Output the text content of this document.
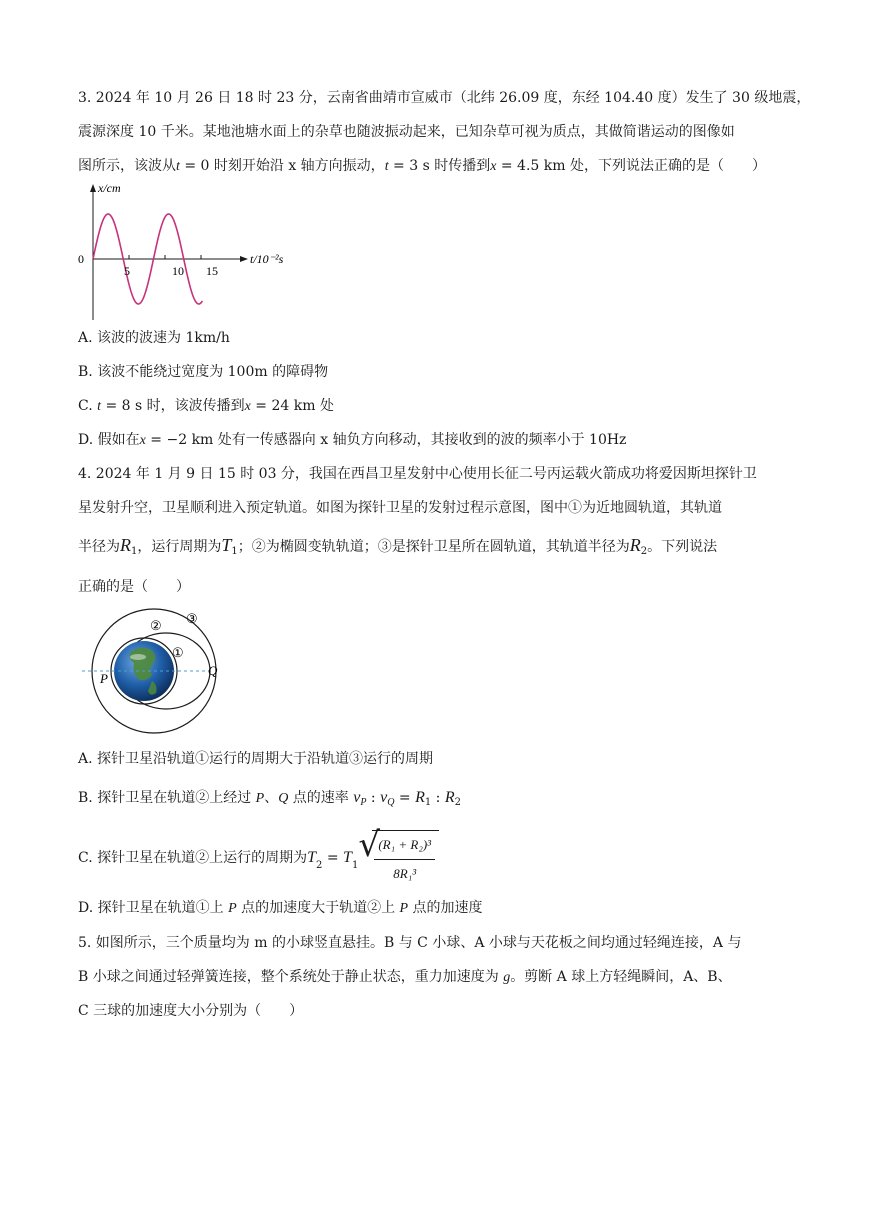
3. 2024 年 10 月 26 日 18 时 23 分，云南省曲靖市宣威市（北纬 26.09 度，东经 104.40 度）发生了 30 级地震，
震源深度 10 千米。某地池塘水面上的杂草也随波振动起来，已知杂草可视为质点，其做简谐运动的图像如
图所示，该波从t = 0 时刻开始沿 x 轴方向振动，t = 3 s 时传播到x = 4.5 km 处，下列说法正确的是（　　）
x/cm
0
5	10 15
t/10⁻²s
A. 该波的波速为 1km/h
B. 该波不能绕过宽度为 100m 的障碍物
C. t = 8 s 时，该波传播到x = 24 km 处
D. 假如在x = −2 km 处有一传感器向 x 轴负方向移动，其接收到的波的频率小于 10Hz
4. 2024 年 1 月 9 日 15 时 03 分，我国在西昌卫星发射中心使用长征二号丙运载火箭成功将爱因斯坦探针卫
星发射升空，卫星顺利进入预定轨道。如图为探针卫星的发射过程示意图，图中①为近地圆轨道，其轨道
半径为$R_1$，运行周期为$T_1$；②为椭圆变轨轨道；③是探针卫星所在圆轨道，其轨道半径为$R_2$。下列说法
正确的是（　　）
② ③
①
P
Q
A. 探针卫星沿轨道①运行的周期大于沿轨道③运行的周期
B. 探针卫星在轨道②上经过 P、Q 点的速率 $v_P$ : $v_Q = R_1$ : $R_2$
C. 探针卫星在轨道②上运行的周期为$T_2 = T_1$
√
$\frac{\text{(R₁ + R₂)³}}{\text{8R₁³}}$
D. 探针卫星在轨道①上 P 点的加速度大于轨道②上 P 点的加速度
5. 如图所示，三个质量均为 m 的小球竖直悬挂。B 与 C 小球、A 小球与天花板之间均通过轻绳连接，A 与
B 小球之间通过轻弹簧连接，整个系统处于静止状态，重力加速度为 g。剪断 A 球上方轻绳瞬间，A、B、
C 三球的加速度大小分别为（　　）
